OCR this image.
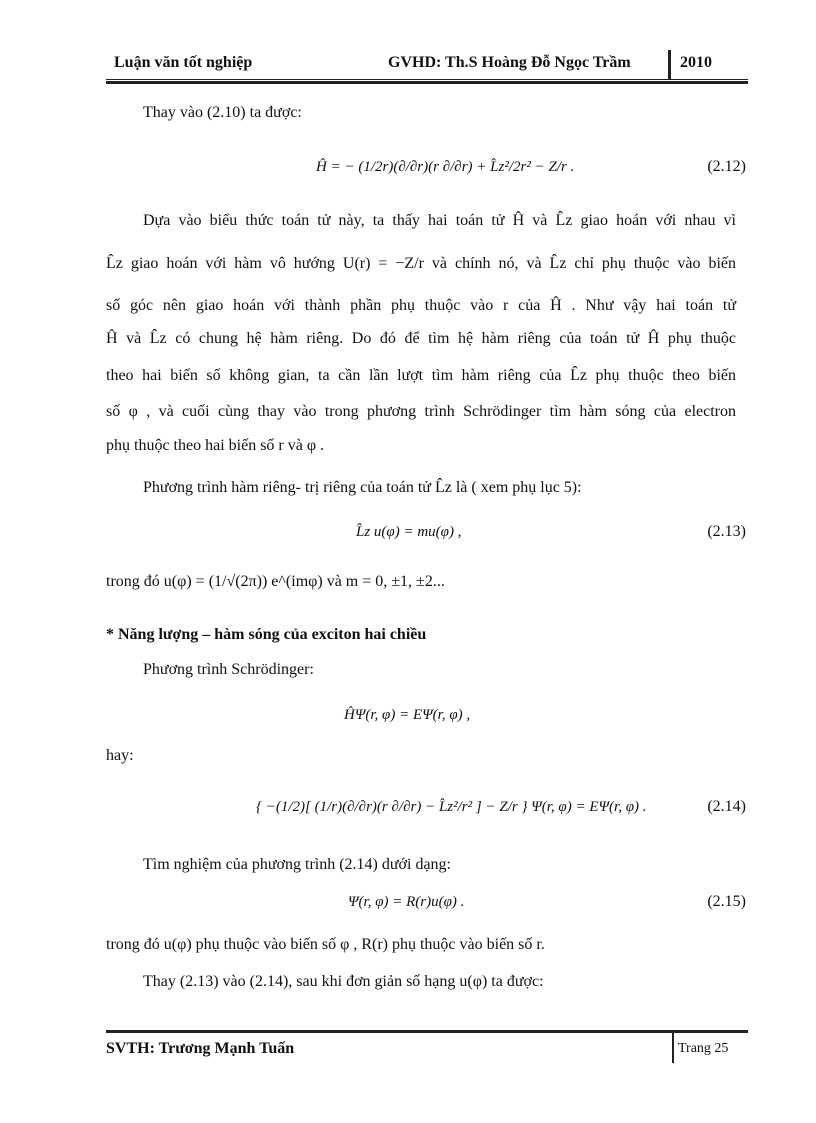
Luận văn tốt nghiệp	GVHD: Th.S Hoàng Đỗ Ngọc Trầm	2010
Thay vào (2.10) ta được:
Ĥ = − (1/2r)(∂/∂r)(r ∂/∂r) + L̂z²/2r² − Z/r .	(2.12)
Dựa vào biểu thức toán tử này, ta thấy hai toán tử Ĥ và L̂z giao hoán với nhau vì
L̂z giao hoán với hàm vô hướng U(r) = −Z/r và chính nó, và L̂z chỉ phụ thuộc vào biến
số góc nên giao hoán với thành phần phụ thuộc vào r của Ĥ . Như vậy hai toán tử
Ĥ và L̂z có chung hệ hàm riêng. Do đó để tìm hệ hàm riêng của toán tử Ĥ phụ thuộc
theo hai biến số không gian, ta cần lần lượt tìm hàm riêng của L̂z phụ thuộc theo biến
số φ , và cuối cùng thay vào trong phương trình Schrödinger tìm hàm sóng của electron
phụ thuộc theo hai biến số r và φ .
Phương trình hàm riêng- trị riêng của toán tử L̂z là ( xem phụ lục 5):
L̂z u(φ) = mu(φ) ,	(2.13)
trong đó u(φ) = (1/√(2π)) e^(imφ) và m = 0, ±1, ±2...
* Năng lượng – hàm sóng của exciton hai chiều
Phương trình Schrödinger:
ĤΨ(r, φ) = EΨ(r, φ) ,
hay:
{ −(1/2)[ (1/r)(∂/∂r)(r ∂/∂r) − L̂z²/r² ] − Z/r } Ψ(r, φ) = EΨ(r, φ) .	(2.14)
Tìm nghiệm của phương trình (2.14) dưới dạng:
Ψ(r, φ) = R(r)u(φ) .	(2.15)
trong đó u(φ) phụ thuộc vào biến số φ , R(r) phụ thuộc vào biến số r.
Thay (2.13) vào (2.14), sau khi đơn giản số hạng u(φ) ta được:
SVTH: Trương Mạnh Tuấn	Trang 25
